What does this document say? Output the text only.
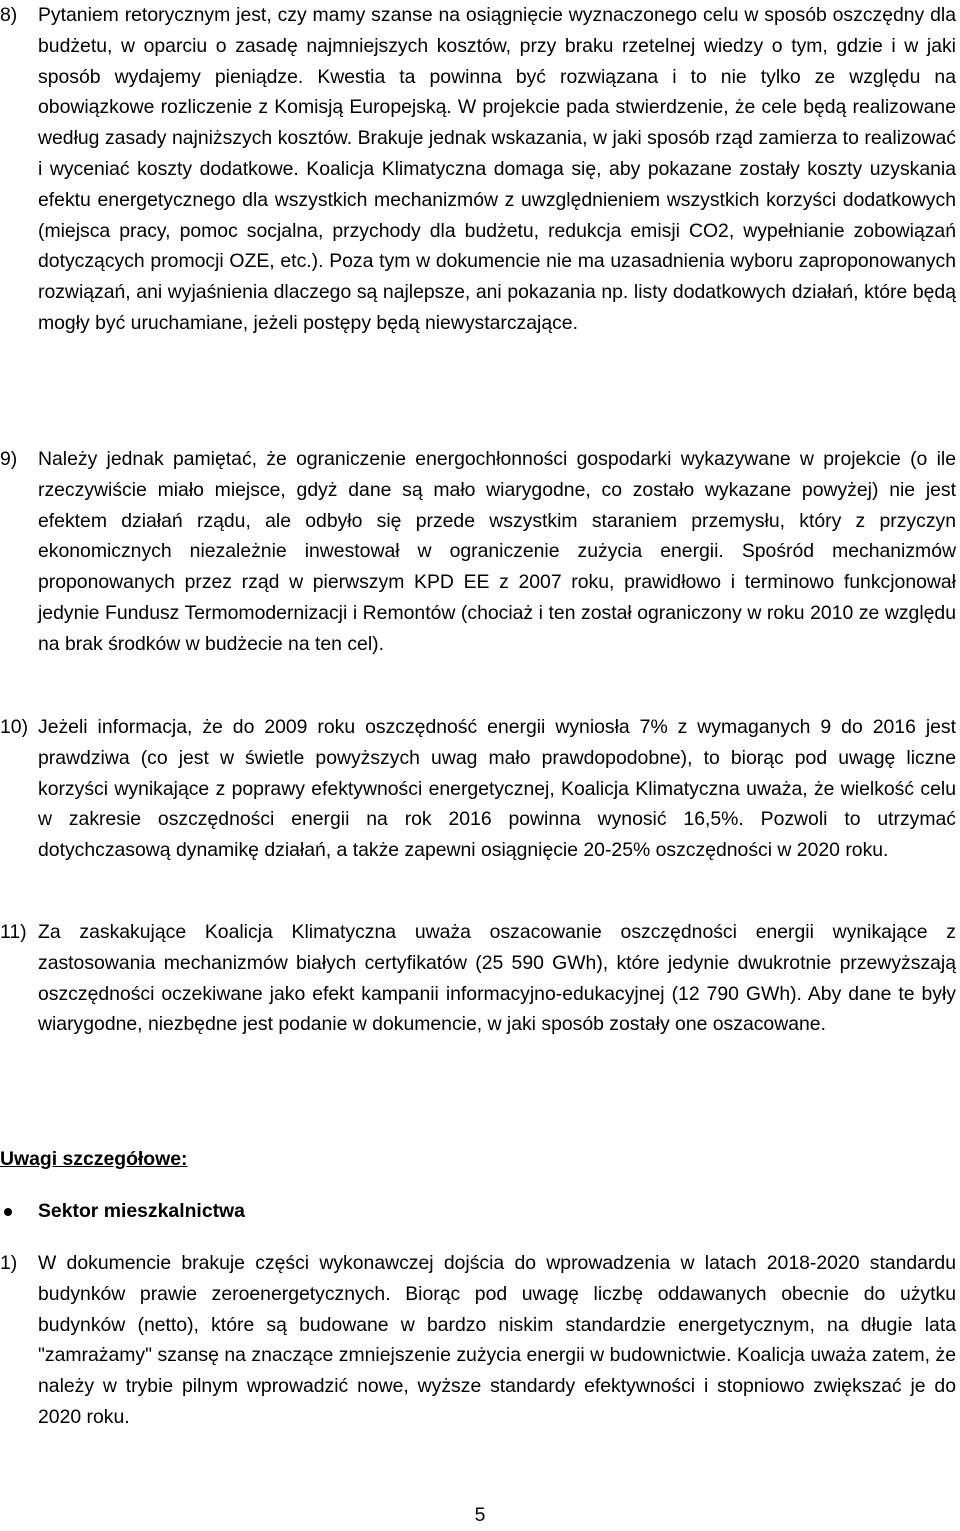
8) Pytaniem retorycznym jest, czy mamy szanse na osiągnięcie wyznaczonego celu w sposób oszczędny dla budżetu, w oparciu o zasadę najmniejszych kosztów, przy braku rzetelnej wiedzy o tym, gdzie i w jaki sposób wydajemy pieniądze. Kwestia ta powinna być rozwiązana i to nie tylko ze względu na obowiązkowe rozliczenie z Komisją Europejską. W projekcie pada stwierdzenie, że cele będą realizowane według zasady najniższych kosztów. Brakuje jednak wskazania, w jaki sposób rząd zamierza to realizować i wyceniać koszty dodatkowe. Koalicja Klimatyczna domaga się, aby pokazane zostały koszty uzyskania efektu energetycznego dla wszystkich mechanizmów z uwzględnieniem wszystkich korzyści dodatkowych (miejsca pracy, pomoc socjalna, przychody dla budżetu, redukcja emisji CO2, wypełnianie zobowiązań dotyczących promocji OZE, etc.). Poza tym w dokumencie nie ma uzasadnienia wyboru zaproponowanych rozwiązań, ani wyjaśnienia dlaczego są najlepsze, ani pokazania np. listy dodatkowych działań, które będą mogły być uruchamiane, jeżeli postępy będą niewystarczające.
9) Należy jednak pamiętać, że ograniczenie energochłonności gospodarki wykazywane w projekcie (o ile rzeczywiście miało miejsce, gdyż dane są mało wiarygodne, co zostało wykazane powyżej) nie jest efektem działań rządu, ale odbyło się przede wszystkim staraniem przemysłu, który z przyczyn ekonomicznych niezależnie inwestował w ograniczenie zużycia energii. Spośród mechanizmów proponowanych przez rząd w pierwszym KPD EE z 2007 roku, prawidłowo i terminowo funkcjonował jedynie Fundusz Termomodernizacji i Remontów (chociaż i ten został ograniczony w roku 2010 ze względu na brak środków w budżecie na ten cel).
10) Jeżeli informacja, że do 2009 roku oszczędność energii wyniosła 7% z wymaganych 9 do 2016 jest prawdziwa (co jest w świetle powyższych uwag mało prawdopodobne), to biorąc pod uwagę liczne korzyści wynikające z poprawy efektywności energetycznej, Koalicja Klimatyczna uważa, że wielkość celu w zakresie oszczędności energii na rok 2016 powinna wynosić 16,5%. Pozwoli to utrzymać dotychczasową dynamikę działań, a także zapewni osiągnięcie 20-25% oszczędności w 2020 roku.
11) Za zaskakujące Koalicja Klimatyczna uważa oszacowanie oszczędności energii wynikające z zastosowania mechanizmów białych certyfikatów (25 590 GWh), które jedynie dwukrotnie przewyższają oszczędności oczekiwane jako efekt kampanii informacyjno-edukacyjnej (12 790 GWh). Aby dane te były wiarygodne, niezbędne jest podanie w dokumencie, w jaki sposób zostały one oszacowane.
Uwagi szczegółowe:
Sektor mieszkalnictwa
1) W dokumencie brakuje części wykonawczej dojścia do wprowadzenia w latach 2018-2020 standardu budynków prawie zeroenergetycznych. Biorąc pod uwagę liczbę oddawanych obecnie do użytku budynków (netto), które są budowane w bardzo niskim standardzie energetycznym, na długie lata "zamrażamy" szansę na znaczące zmniejszenie zużycia energii w budownictwie. Koalicja uważa zatem, że należy w trybie pilnym wprowadzić nowe, wyższe standardy efektywności i stopniowo zwiększać je do 2020 roku.
5
